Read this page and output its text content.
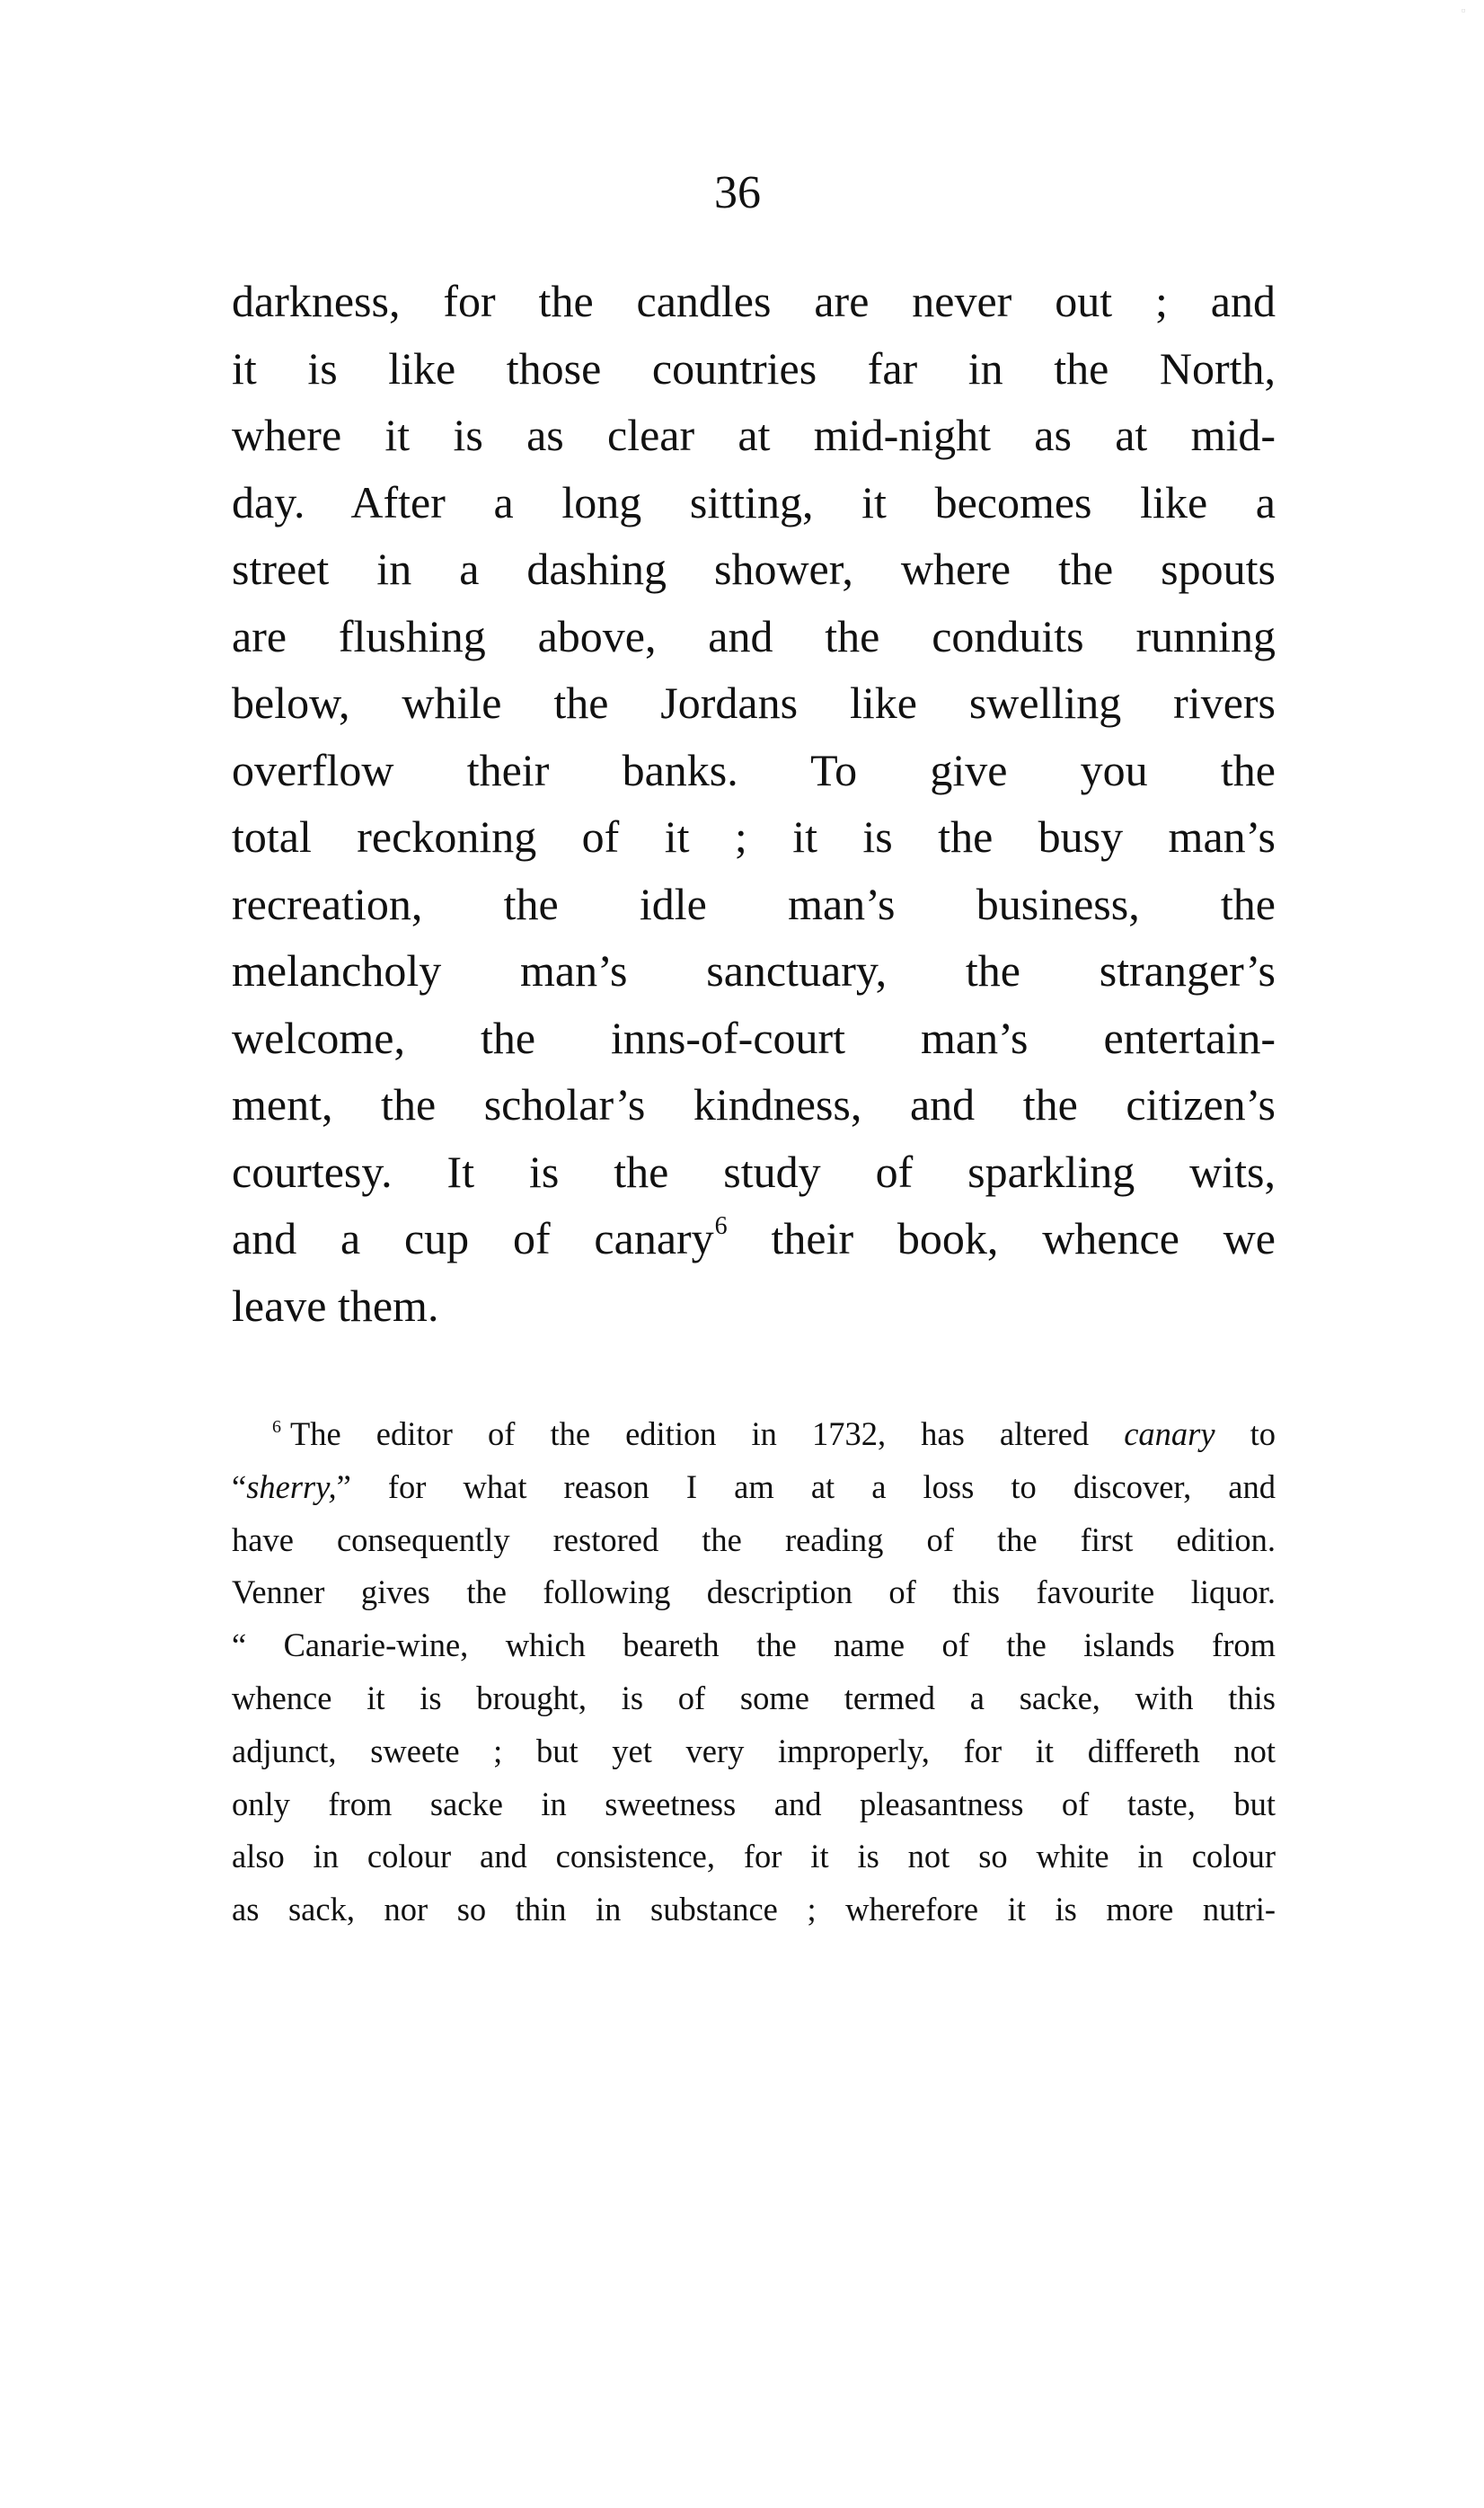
▫
36
darkness, for the candles are never out ; and
it is like those countries far in the North,
where it is as clear at mid-night as at mid-
day. After a long sitting, it becomes like a
street in a dashing shower, where the spouts
are flushing above, and the conduits running
below, while the Jordans like swelling rivers
overflow their banks. To give you the
total reckoning of it ; it is the busy man’s
recreation, the idle man’s business, the
melancholy man’s sanctuary, the stranger’s
welcome, the inns-of-court man’s entertain-
ment, the scholar’s kindness, and the citizen’s
courtesy. It is the study of sparkling wits,
and a cup of canary$^6$ their book, whence we
leave them.
$^6$ The editor of the edition in 1732, has altered canary to
“sherry,” for what reason I am at a loss to discover, and
have consequently restored the reading of the first edition.
Venner gives the following description of this favourite liquor.
“ Canarie-wine, which beareth the name of the islands from
whence it is brought, is of some termed a sacke, with this
adjunct, sweete ; but yet very improperly, for it differeth not
only from sacke in sweetness and pleasantness of taste, but
also in colour and consistence, for it is not so white in colour
as sack, nor so thin in substance ; wherefore it is more nutri-
